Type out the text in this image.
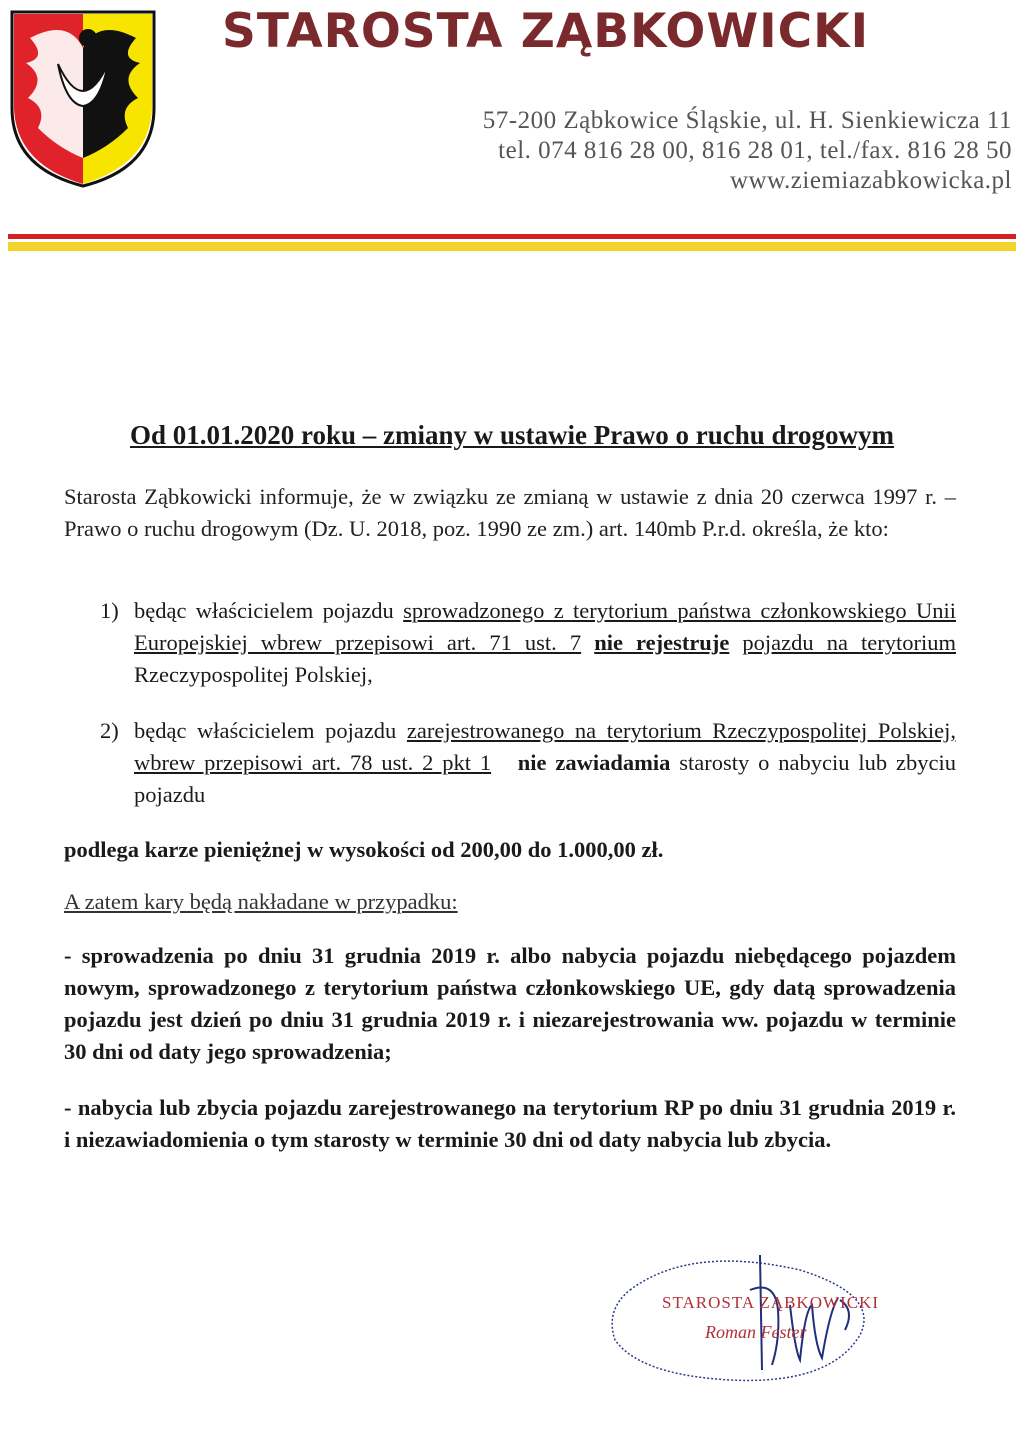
STAROSTA ZĄBKOWICKI
57-200 Ząbkowice Śląskie, ul. H. Sienkiewicza 11
tel. 074 816 28 00, 816 28 01, tel./fax. 816 28 50
www.ziemiazabkowicka.pl
Od 01.01.2020 roku – zmiany w ustawie Prawo o ruchu drogowym
Starosta Ząbkowicki informuje, że w związku ze zmianą w ustawie z dnia 20 czerwca 1997 r. – Prawo o ruchu drogowym (Dz. U. 2018, poz. 1990 ze zm.) art. 140mb P.r.d. określa, że kto:
1) będąc właścicielem pojazdu sprowadzonego z terytorium państwa członkowskiego Unii Europejskiej wbrew przepisowi art. 71 ust. 7 nie rejestruje pojazdu na terytorium Rzeczypospolitej Polskiej,
2) będąc właścicielem pojazdu zarejestrowanego na terytorium Rzeczypospolitej Polskiej, wbrew przepisowi art. 78 ust. 2 pkt 1 nie zawiadamia starosty o nabyciu lub zbyciu pojazdu
podlega karze pieniężnej w wysokości od 200,00 do 1.000,00 zł.
A zatem kary będą nakładane w przypadku:
- sprowadzenia po dniu 31 grudnia 2019 r. albo nabycia pojazdu niebędącego pojazdem nowym, sprowadzonego z terytorium państwa członkowskiego UE, gdy datą sprowadzenia pojazdu jest dzień po dniu 31 grudnia 2019 r. i niezarejestrowania ww. pojazdu w terminie 30 dni od daty jego sprowadzenia;
- nabycia lub zbycia pojazdu zarejestrowanego na terytorium RP po dniu 31 grudnia 2019 r. i niezawiadomienia o tym starosty w terminie 30 dni od daty nabycia lub zbycia.
STAROSTA ZĄBKOWICKI
Roman Fester
